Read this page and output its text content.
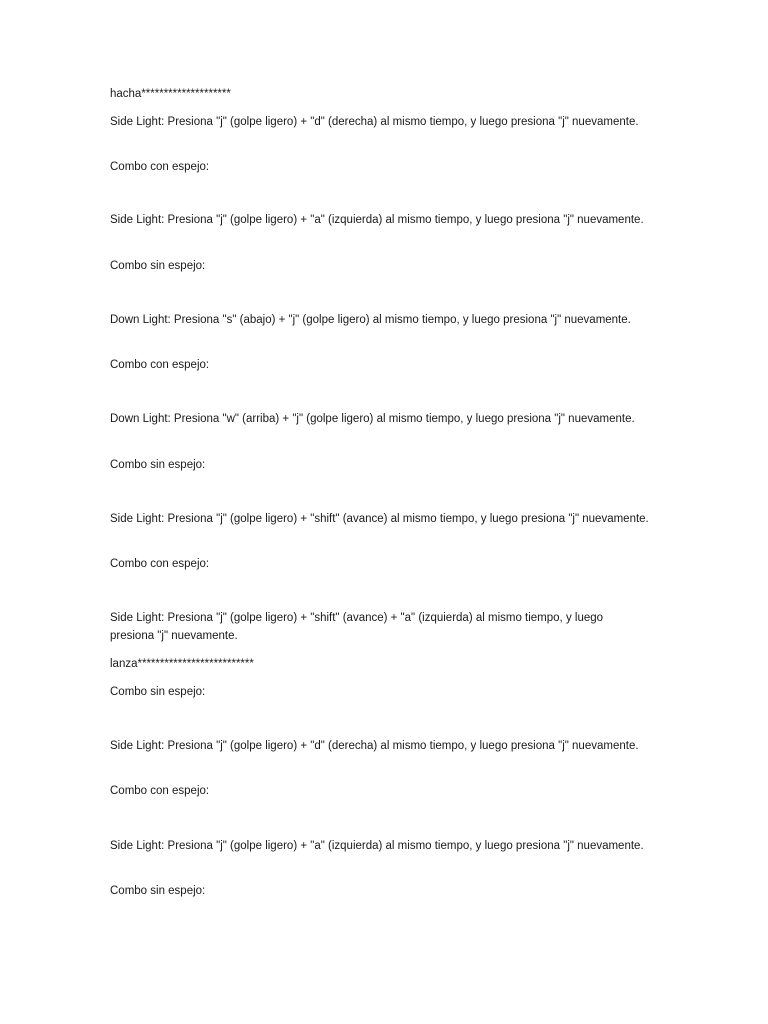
hacha********************

Side Light: Presiona "j" (golpe ligero) + "d" (derecha) al mismo tiempo, y luego presiona "j" nuevamente.

Combo con espejo:

Side Light: Presiona "j" (golpe ligero) + "a" (izquierda) al mismo tiempo, y luego presiona "j" nuevamente.

Combo sin espejo:

Down Light: Presiona "s" (abajo) + "j" (golpe ligero) al mismo tiempo, y luego presiona "j" nuevamente.

Combo con espejo:

Down Light: Presiona "w" (arriba) + "j" (golpe ligero) al mismo tiempo, y luego presiona "j" nuevamente.

Combo sin espejo:

Side Light: Presiona "j" (golpe ligero) + "shift" (avance) al mismo tiempo, y luego presiona "j" nuevamente.

Combo con espejo:

Side Light: Presiona "j" (golpe ligero) + "shift" (avance) + "a" (izquierda) al mismo tiempo, y luego presiona "j" nuevamente.

lanza**************************

Combo sin espejo:

Side Light: Presiona "j" (golpe ligero) + "d" (derecha) al mismo tiempo, y luego presiona "j" nuevamente.

Combo con espejo:

Side Light: Presiona "j" (golpe ligero) + "a" (izquierda) al mismo tiempo, y luego presiona "j" nuevamente.

Combo sin espejo:
